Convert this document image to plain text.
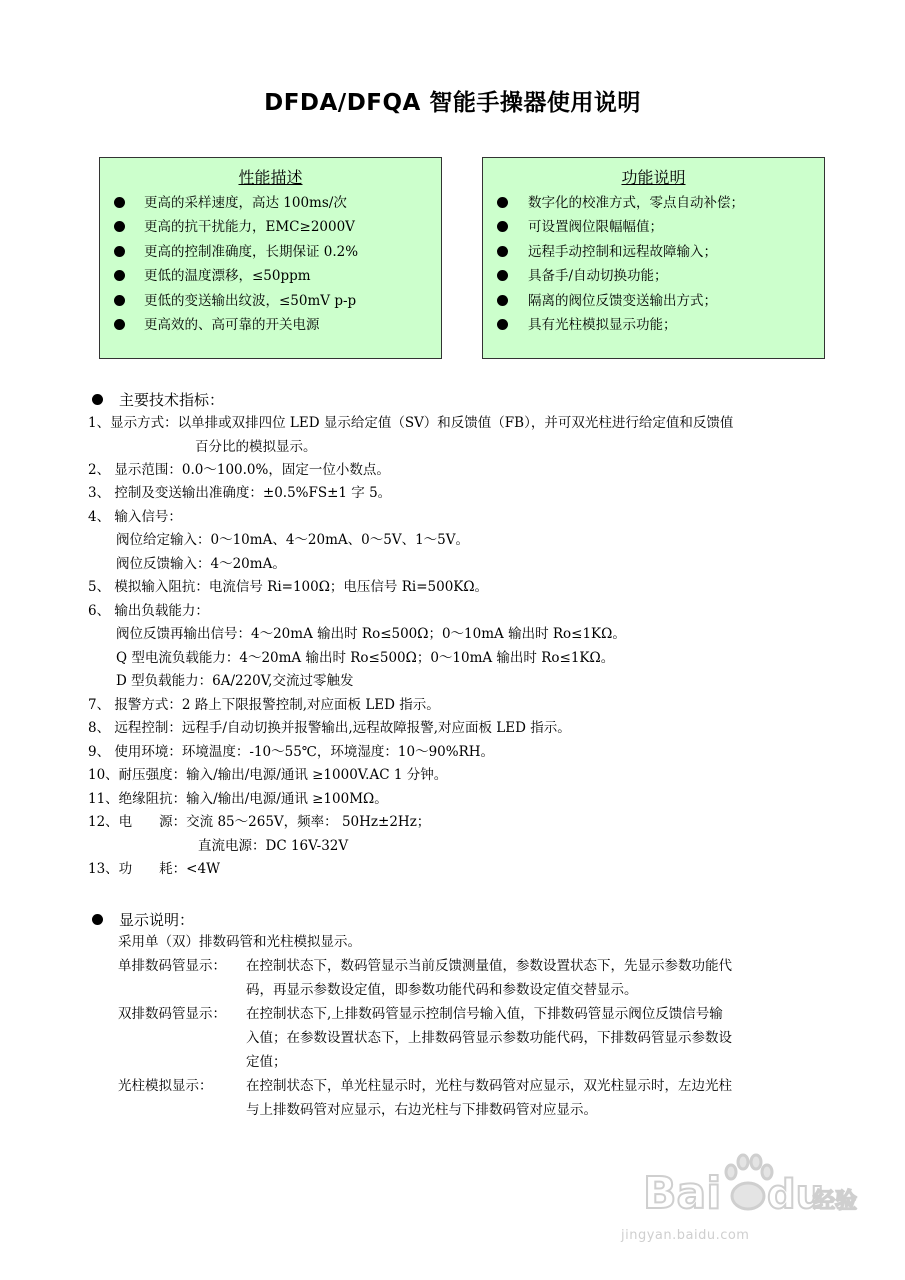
DFDA/DFQA 智能手操器使用说明
性能描述
更高的采样速度，高达 100ms/次
更高的抗干扰能力，EMC≥2000V
更高的控制准确度，长期保证 0.2%
更低的温度漂移，≤50ppm
更低的变送输出纹波，≤50mV p-p
更高效的、高可靠的开关电源
功能说明
数字化的校准方式，零点自动补偿；
可设置阀位限幅幅值；
远程手动控制和远程故障输入；
具备手/自动切换功能；
隔离的阀位反馈变送输出方式；
具有光柱模拟显示功能；
主要技术指标：
1、显示方式：以单排或双排四位 LED 显示给定值（SV）和反馈值（FB），并可双光柱进行给定值和反馈值
百分比的模拟显示。
2、 显示范围：0.0～100.0%，固定一位小数点。
3、 控制及变送输出准确度：±0.5%FS±1 字 5。
4、 输入信号：
阀位给定输入：0～10mA、4～20mA、0～5V、1～5V。
阀位反馈输入：4～20mA。
5、 模拟输入阻抗：电流信号 Ri=100Ω；电压信号 Ri=500KΩ。
6、 输出负载能力：
阀位反馈再输出信号：4～20mA 输出时 Ro≤500Ω；0～10mA 输出时 Ro≤1KΩ。
Q 型电流负载能力：4～20mA 输出时 Ro≤500Ω；0～10mA 输出时 Ro≤1KΩ。
D 型负载能力：6A/220V,交流过零触发
7、 报警方式：2 路上下限报警控制,对应面板 LED 指示。
8、 远程控制：远程手/自动切换并报警输出,远程故障报警,对应面板 LED 指示。
9、 使用环境：环境温度：-10～55℃，环境湿度：10～90%RH。
10、耐压强度：输入/输出/电源/通讯 ≥1000V.AC 1 分钟。
11、绝缘阻抗：输入/输出/电源/通讯 ≥100MΩ。
12、电　　源：交流 85～265V，频率： 50Hz±2Hz；
直流电源：DC 16V-32V
13、功　　耗：<4W
显示说明：
采用单（双）排数码管和光柱模拟显示。
单排数码管显示： 在控制状态下，数码管显示当前反馈测量值，参数设置状态下，先显示参数功能代
码，再显示参数设定值，即参数功能代码和参数设定值交替显示。
双排数码管显示： 在控制状态下,上排数码管显示控制信号输入值，下排数码管显示阀位反馈信号输
入值；在参数设置状态下，上排数码管显示参数功能代码，下排数码管显示参数设
定值；
光柱模拟显示： 在控制状态下，单光柱显示时，光柱与数码管对应显示，双光柱显示时，左边光柱
与上排数码管对应显示，右边光柱与下排数码管对应显示。
Bai du
经验
jingyan.baidu.com
